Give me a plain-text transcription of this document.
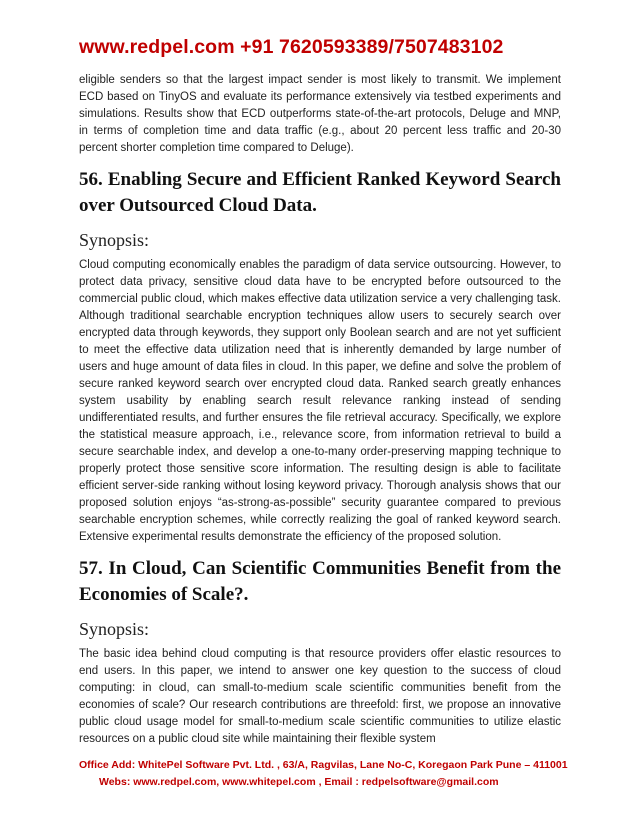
www.redpel.com +91 7620593389/7507483102

eligible senders so that the largest impact sender is most likely to transmit. We implement ECD based on TinyOS and evaluate its performance extensively via testbed experiments and simulations. Results show that ECD outperforms state-of-the-art protocols, Deluge and MNP, in terms of completion time and data traffic (e.g., about 20 percent less traffic and 20-30 percent shorter completion time compared to Deluge).

56. Enabling Secure and Efficient Ranked Keyword Search over Outsourced Cloud Data.

Synopsis:

Cloud computing economically enables the paradigm of data service outsourcing. However, to protect data privacy, sensitive cloud data have to be encrypted before outsourced to the commercial public cloud, which makes effective data utilization service a very challenging task. Although traditional searchable encryption techniques allow users to securely search over encrypted data through keywords, they support only Boolean search and are not yet sufficient to meet the effective data utilization need that is inherently demanded by large number of users and huge amount of data files in cloud. In this paper, we define and solve the problem of secure ranked keyword search over encrypted cloud data. Ranked search greatly enhances system usability by enabling search result relevance ranking instead of sending undifferentiated results, and further ensures the file retrieval accuracy. Specifically, we explore the statistical measure approach, i.e., relevance score, from information retrieval to build a secure searchable index, and develop a one-to-many order-preserving mapping technique to properly protect those sensitive score information. The resulting design is able to facilitate efficient server-side ranking without losing keyword privacy. Thorough analysis shows that our proposed solution enjoys “as-strong-as-possible” security guarantee compared to previous searchable encryption schemes, while correctly realizing the goal of ranked keyword search. Extensive experimental results demonstrate the efficiency of the proposed solution.

57. In Cloud, Can Scientific Communities Benefit from the Economies of Scale?.

Synopsis:

The basic idea behind cloud computing is that resource providers offer elastic resources to end users. In this paper, we intend to answer one key question to the success of cloud computing: in cloud, can small-to-medium scale scientific communities benefit from the economies of scale? Our research contributions are threefold: first, we propose an innovative public cloud usage model for small-to-medium scale scientific communities to utilize elastic resources on a public cloud site while maintaining their flexible system

Office Add: WhitePel Software Pvt. Ltd. , 63/A, Ragvilas, Lane No-C, Koregaon Park Pune – 411001
Webs: www.redpel.com, www.whitepel.com , Email : redpelsoftware@gmail.com
